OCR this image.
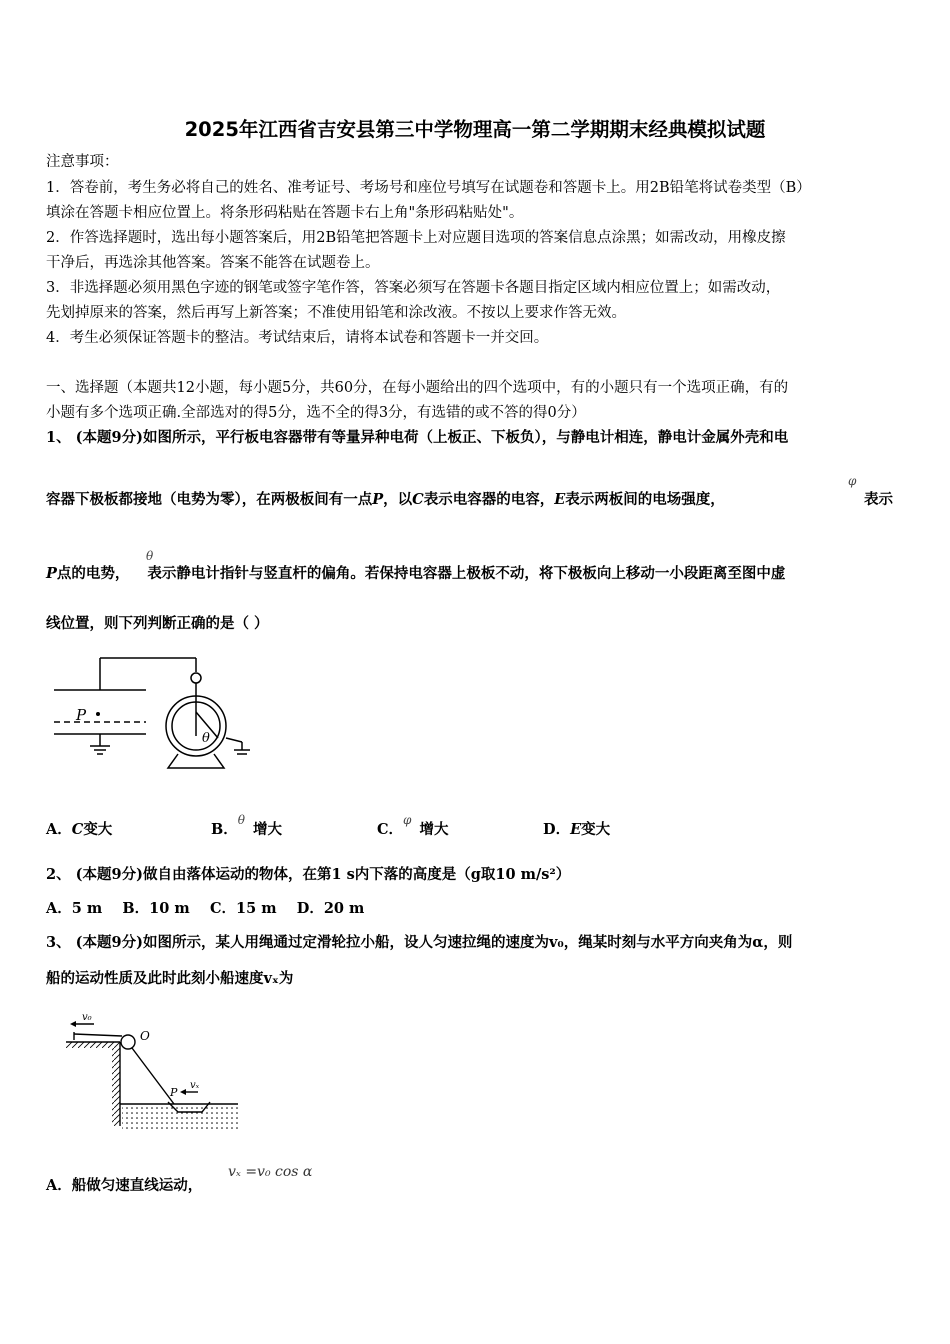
2025年江西省吉安县第三中学物理高一第二学期期末经典模拟试题
注意事项：
1．答卷前，考生务必将自己的姓名、准考证号、考场号和座位号填写在试题卷和答题卡上。用2B铅笔将试卷类型（B）
填涂在答题卡相应位置上。将条形码粘贴在答题卡右上角"条形码粘贴处"。
2．作答选择题时，选出每小题答案后，用2B铅笔把答题卡上对应题目选项的答案信息点涂黑；如需改动，用橡皮擦
干净后，再选涂其他答案。答案不能答在试题卷上。
3．非选择题必须用黑色字迹的钢笔或签字笔作答，答案必须写在答题卡各题目指定区域内相应位置上；如需改动，
先划掉原来的答案，然后再写上新答案；不准使用铅笔和涂改液。不按以上要求作答无效。
4．考生必须保证答题卡的整洁。考试结束后，请将本试卷和答题卡一并交回。
一、选择题（本题共12小题，每小题5分，共60分，在每小题给出的四个选项中，有的小题只有一个选项正确，有的
小题有多个选项正确.全部选对的得5分，选不全的得3分，有选错的或不答的得0分）
1、 (本题9分)如图所示，平行板电容器带有等量异种电荷（上板正、下板负），与静电计相连，静电计金属外壳和电
容器下极板都接地（电势为零），在两极板间有一点P，以C表示电容器的电容，E表示两板间的电场强度，
φ
表示
P点的电势， 表示静电计指针与竖直杆的偏角。若保持电容器上极板不动，将下极板向上移动一小段距离至图中虚
θ
线位置，则下列判断正确的是（ ）
P
θ
A．C变大	B．$^\theta$增大	C．$^\varphi$增大	D．E变大
2、 (本题9分)做自由落体运动的物体，在第1 s内下落的高度是（g取10 m/s²）
A．5 m    B．10 m    C．15 m    D．20 m
3、 (本题9分)如图所示，某人用绳通过定滑轮拉小船，设人匀速拉绳的速度为v₀，绳某时刻与水平方向夹角为α，则
船的运动性质及此时此刻小船速度vₓ为
v₀
O
P
vₓ
A．船做匀速直线运动，
vₓ =v₀ cos α
